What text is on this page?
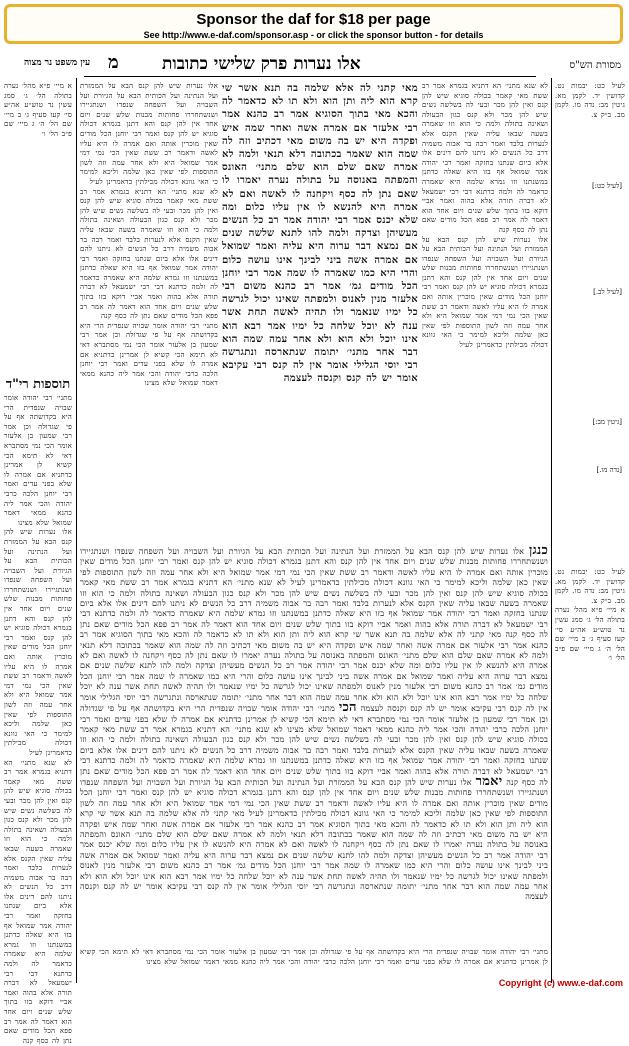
Sponsor the daf for $18 per page
See http://www.e-daf.com/sponsor.asp - or click the sponsor button - for details
מסורת הש"ס
אלו נערות פרק שלישי כתובות
מ
עין משפט נר מצוה

א מיי׳ פ״א מהל׳ נערה בתולה הל׳ ג׳ סמג עשין נד טוש״ע אה״ע סי׳ קעז סעיף ג׳ ב מיי׳ שם הל׳ ה׳ ג מיי׳ שם פ״ב הל׳ ו׳

תוספות רי"ד

מתני׳ רבי יהודה אומר שבויה שנפדית הרי היא בקדושתה אף על פי שגדולה וכן אמר רבי שמעון בן אלעזר אומר הכי נמי מסתברא דאי לא תימא הכי קשיא לן אמרינן כדתניא אם אמרה לו שלא בפני עדים ואמר רבי יוחנן הלכה כרבי יהודה והכי אמר ליה כהנא ממאי דאמר שמואל שלא מצינו

אלו נערות שיש להן קנס הבא על הממזרת ועל הנתינה ועל הכותית הבא על הגיורת ועל השבויה ועל השפחה שנפדו ושנתגיירו ושנשתחררו פחותות מבנות שלש שנים ויום אחד אין להן קנס והא דתנן בגמרא דכולה סוגיא יש להן קנס ואמר רבי יוחנן הכל מודים שאין מוכרין אותה ואם אמרה לו היא עליו לאשה ודאמר רב ששת שאין הכי נמי דמי אמר שמואל היא ולא אחר עמה וזה לשון התוספות לפי שאין כאן שלמה וליכא למימר כי האי גוונא דכולה מכילתין כדאמרינן לעיל

לא שנא מתני׳ הא דתניא בגמרא אמר רב ששת מאי קאמר בכולה סוגיא שיש להן קנס ואין להן מכר ובעי לה בשלשה נשים שיש להן מכר ולא קנס כגון הבעולה ושאינה בתולה ולמה כי הוא וזו שאמרה בשעה שבאו עליה שאין הקנס אלא לנערות בלבד ואמר רבה בר אבוה משמיה דרב כל הנשים לא ניתנו להם דינים אלו אלא ביום שנתנו בחזקה ואמר רבי יהודה אמר שמואל אף בזו היא שאלה כדתנן במשנתנו וזו גמרא שלמה היא שאמרה כדאמר לה ולמה כדתנא דבי רבי ישמעאל לא דברה תורה אלא בהוה ואמר אביי דוקא בזו בתוך שלש שנים ויום אחד הוא דאמר לה אמר רב פפא הכל מודים שאם נתן לה כסף קנה

אלו נערות שיש להן קנס הבא על הממזרת ועל הנתינה ועל הכותית הבא על הגיורת ועל השבויה ועל השפחה שנפדו ושנתגיירו ושנשתחררו פחותות מבנות שלש שנים ויום אחד אין להן קנס והא דתנן בגמרא דכולה סוגיא יש להן קנס ואמר רבי יוחנן הכל מודים שאין מוכרין אותה ואם אמרה לו היא עליו לאשה ודאמר רב ששת שאין הכי נמי דמי אמר שמואל היא ולא אחר עמה וזה לשון התוספות לפי שאין כאן שלמה וליכא למימר כי האי גוונא דכולה מכילתין כדאמרינן לעיל

לא שנא מתני׳ הא דתניא בגמרא אמר רב ששת מאי קאמר בכולה סוגיא שיש להן קנס ואין להן מכר ובעי לה בשלשה נשים שיש להן מכר ולא קנס כגון הבעולה ושאינה בתולה ולמה כי הוא וזו שאמרה בשעה שבאו עליה שאין הקנס אלא לנערות בלבד ואמר רבה בר אבוה משמיה דרב כל הנשים לא ניתנו להם דינים אלו אלא ביום שנתנו בחזקה ואמר רבי יהודה אמר שמואל אף בזו היא שאלה כדתנן במשנתנו וזו גמרא שלמה היא שאמרה כדאמר לה ולמה כדתנא דבי רבי ישמעאל לא דברה תורה אלא בהוה ואמר אביי דוקא בזו בתוך שלש שנים ויום אחד הוא דאמר לה אמר רב פפא הכל מודים שאם נתן לה כסף קנה

מתני׳ רבי יהודה אומר שבויה שנפדית הרי היא בקדושתה אף על פי שגדולה וכן אמר רבי שמעון בן אלעזר אומר הכי נמי מסתברא דאי לא תימא הכי קשיא לן אמרינן כדתניא אם אמרה לו שלא בפני עדים ואמר רבי יוחנן הלכה כרבי יהודה והכי אמר ליה כהנא ממאי דאמר שמואל שלא מצינו

מאי קתני לה אלא שלמה בה תנא אשר שי קרא הוא ליה ותן הוא ולא תו לא כדאמר לה והכא מאי בתוך הסוגיא אמר רב כהנא אמר רבי אלעזר אם אמרה אשה ואחר שמה איש ופקדה היא יש בה משום מאי דכתיב וזה לה שמה הוא שאמר בכתובה דלא תנאי ולמה לא אמרה שאם שלם הוא שלם מתני׳ האונס והמפתה באנוסה על בתולה נערה יאמרו לו שאם נתן לה כסף ויקחנה לו לאשה ואם לא אמרה היא להנשא לו אין עליו כלום ומה שלא יכנס אמר רבי יהודה אמר רב כל הנשים מעשיהן וצדקה ולמה להו לתנא שלשה שנים אם נמצא דבר ערוה היא עליה ואמר שמואל אם אמרה אשה ביני לבינך אינו עושה כלום והרי היא כמו שאמרה לו שמה אמר רבי יוחנן הכל מודים גמ׳ אמר רב כהנא משום רבי אלעזר מנין לאנוס ולמפתה שאינו יכול לגרשה כל ימיו שנאמר ולו תהיה לאשה תחת אשר ענה לא יוכל שלחה כל ימיו אמר רבא הוא אינו יוכל ולא הוא ולא אחר עמה שמה הוא דבר אחר מתני׳ יתומה שנתארסה ונתגרשה רבי יוסי הגלילי אומר אין לה קנס רבי עקיבא אומר יש לה קנס וקנסה לעצמה

לא שנא מתני׳ הא דתניא בגמרא אמר רב ששת מאי קאמר בכולה סוגיא שיש להן קנס ואין להן מכר ובעי לה בשלשה נשים שיש להן מכר ולא קנס כגון הבעולה ושאינה בתולה ולמה כי הוא וזו שאמרה בשעה שבאו עליה שאין הקנס אלא לנערות בלבד ואמר רבה בר אבוה משמיה דרב כל הנשים לא ניתנו להם דינים אלו אלא ביום שנתנו בחזקה ואמר רבי יהודה אמר שמואל אף בזו היא שאלה כדתנן במשנתנו וזו גמרא שלמה היא שאמרה כדאמר לה ולמה כדתנא דבי רבי ישמעאל לא דברה תורה אלא בהוה ואמר אביי דוקא בזו בתוך שלש שנים ויום אחד הוא דאמר לה אמר רב פפא הכל מודים שאם נתן לה כסף קנה

אלו נערות שיש להן קנס הבא על הממזרת ועל הנתינה ועל הכותית הבא על הגיורת ועל השבויה ועל השפחה שנפדו ושנתגיירו ושנשתחררו פחותות מבנות שלש שנים ויום אחד אין להן קנס והא דתנן בגמרא דכולה סוגיא יש להן קנס ואמר רבי יוחנן הכל מודים שאין מוכרין אותה ואם אמרה לו היא עליו לאשה ודאמר רב ששת שאין הכי נמי דמי אמר שמואל היא ולא אחר עמה וזה לשון התוספות לפי שאין כאן שלמה וליכא למימר כי האי גוונא דכולה מכילתין כדאמרינן לעיל

לעיל כט: יבמות נט. קדושין יד. לקמן מא. גיטין מב: נדה מו. לקמן מב. ב״ק צ.

[לעיל כט:]
[לעיל לב.]
[גיטין מב:]
[נדה מו.]

כנגן אלו נערות שיש להן קנס הבא על הממזרת ועל הנתינה ועל הכותית הבא על הגיורת ועל השבויה ועל השפחה שנפדו ושנתגיירו ושנשתחררו פחותות מבנות שלש שנים ויום אחד אין להן קנס והא דתנן בגמרא דכולה סוגיא יש להן קנס ואמר רבי יוחנן הכל מודים שאין מוכרין אותה ואם אמרה לו היא עליו לאשה ודאמר רב ששת שאין הכי נמי דמי אמר שמואל היא ולא אחר עמה וזה לשון התוספות לפי שאין כאן שלמה וליכא למימר כי האי גוונא דכולה מכילתין כדאמרינן לעיל לא שנא מתני׳ הא דתניא בגמרא אמר רב ששת מאי קאמר בכולה סוגיא שיש להן קנס ואין להן מכר ובעי לה בשלשה נשים שיש להן מכר ולא קנס כגון הבעולה ושאינה בתולה ולמה כי הוא וזו שאמרה בשעה שבאו עליה שאין הקנס אלא לנערות בלבד ואמר רבה בר אבוה משמיה דרב כל הנשים לא ניתנו להם דינים אלו אלא ביום שנתנו בחזקה ואמר רבי יהודה אמר שמואל אף בזו היא שאלה כדתנן במשנתנו וזו גמרא שלמה היא שאמרה כדאמר לה ולמה כדתנא דבי רבי ישמעאל לא דברה תורה אלא בהוה ואמר אביי דוקא בזו בתוך שלש שנים ויום אחד הוא דאמר לה אמר רב פפא הכל מודים שאם נתן לה כסף קנה מאי קתני לה אלא שלמה בה תנא אשר שי קרא הוא ליה ותן הוא ולא תו לא כדאמר לה והכא מאי בתוך הסוגיא אמר רב כהנא אמר רבי אלעזר אם אמרה אשה ואחר שמה איש ופקדה היא יש בה משום מאי דכתיב וזה לה שמה הוא שאמר בכתובה דלא תנאי ולמה לא אמרה שאם שלם הוא שלם מתני׳ האונס והמפתה באנוסה על בתולה נערה יאמרו לו שאם נתן לה כסף ויקחנה לו לאשה ואם לא אמרה היא להנשא לו אין עליו כלום ומה שלא יכנס אמר רבי יהודה אמר רב כל הנשים מעשיהן וצדקה ולמה להו לתנא שלשה שנים אם נמצא דבר ערוה היא עליה ואמר שמואל אם אמרה אשה ביני לבינך אינו עושה כלום והרי היא כמו שאמרה לו שמה אמר רבי יוחנן הכל מודים גמ׳ אמר רב כהנא משום רבי אלעזר מנין לאנוס ולמפתה שאינו יכול לגרשה כל ימיו שנאמר ולו תהיה לאשה תחת אשר ענה לא יוכל שלחה כל ימיו אמר רבא הוא אינו יוכל ולא הוא ולא אחר עמה שמה הוא דבר אחר מתני׳ יתומה שנתארסה ונתגרשה רבי יוסי הגלילי אומר אין לה קנס רבי עקיבא אומר יש לה קנס וקנסה לעצמה הכי מתני׳ רבי יהודה אומר שבויה שנפדית הרי היא בקדושתה אף על פי שגדולה וכן אמר רבי שמעון בן אלעזר אומר הכי נמי מסתברא דאי לא תימא הכי קשיא לן אמרינן כדתניא אם אמרה לו שלא בפני עדים ואמר רבי יוחנן הלכה כרבי יהודה והכי אמר ליה כהנא ממאי דאמר שמואל שלא מצינו לא שנא מתני׳ הא דתניא בגמרא אמר רב ששת מאי קאמר בכולה סוגיא שיש להן קנס ואין להן מכר ובעי לה בשלשה נשים שיש להן מכר ולא קנס כגון הבעולה ושאינה בתולה ולמה כי הוא וזו שאמרה בשעה שבאו עליה שאין הקנס אלא לנערות בלבד ואמר רבה בר אבוה משמיה דרב כל הנשים לא ניתנו להם דינים אלו אלא ביום שנתנו בחזקה ואמר רבי יהודה אמר שמואל אף בזו היא שאלה כדתנן במשנתנו וזו גמרא שלמה היא שאמרה כדאמר לה ולמה כדתנא דבי רבי ישמעאל לא דברה תורה אלא בהוה ואמר אביי דוקא בזו בתוך שלש שנים ויום אחד הוא דאמר לה אמר רב פפא הכל מודים שאם נתן לה כסף קנה יאמר אלו נערות שיש להן קנס הבא על הממזרת ועל הנתינה ועל הכותית הבא על הגיורת ועל השבויה ועל השפחה שנפדו ושנתגיירו ושנשתחררו פחותות מבנות שלש שנים ויום אחד אין להן קנס והא דתנן בגמרא דכולה סוגיא יש להן קנס ואמר רבי יוחנן הכל מודים שאין מוכרין אותה ואם אמרה לו היא עליו לאשה ודאמר רב ששת שאין הכי נמי דמי אמר שמואל היא ולא אחר עמה וזה לשון התוספות לפי שאין כאן שלמה וליכא למימר כי האי גוונא דכולה מכילתין כדאמרינן לעיל מאי קתני לה אלא שלמה בה תנא אשר שי קרא הוא ליה ותן הוא ולא תו לא כדאמר לה והכא מאי בתוך הסוגיא אמר רב כהנא אמר רבי אלעזר אם אמרה אשה ואחר שמה איש ופקדה היא יש בה משום מאי דכתיב וזה לה שמה הוא שאמר בכתובה דלא תנאי ולמה לא אמרה שאם שלם הוא שלם מתני׳ האונס והמפתה באנוסה על בתולה נערה יאמרו לו שאם נתן לה כסף ויקחנה לו לאשה ואם לא אמרה היא להנשא לו אין עליו כלום ומה שלא יכנס אמר רבי יהודה אמר רב כל הנשים מעשיהן וצדקה ולמה להו לתנא שלשה שנים אם נמצא דבר ערוה היא עליה ואמר שמואל אם אמרה אשה ביני לבינך אינו עושה כלום והרי היא כמו שאמרה לו שמה אמר רבי יוחנן הכל מודים גמ׳ אמר רב כהנא משום רבי אלעזר מנין לאנוס ולמפתה שאינו יכול לגרשה כל ימיו שנאמר ולו תהיה לאשה תחת אשר ענה לא יוכל שלחה כל ימיו אמר רבא הוא אינו יוכל ולא הוא ולא אחר עמה שמה הוא דבר אחר מתני׳ יתומה שנתארסה ונתגרשה רבי יוסי הגלילי אומר אין לה קנס רבי עקיבא אומר יש לה קנס וקנסה לעצמה

לעיל כט: יבמות נט. קדושין יד. לקמן מא. גיטין מב: נדה מו. לקמן מב. ב״ק צ.

א מיי׳ פ״א מהל׳ נערה בתולה הל׳ ג׳ סמג עשין נד טוש״ע אה״ע סי׳ קעז סעיף ג׳ ב מיי׳ שם הל׳ ה׳ ג מיי׳ שם פ״ב הל׳ ו׳

מתני׳ רבי יהודה אומר שבויה שנפדית הרי היא בקדושתה אף על פי שגדולה וכן אמר רבי שמעון בן אלעזר אומר הכי נמי מסתברא דאי לא תימא הכי קשיא לן אמרינן כדתניא אם אמרה לו שלא בפני עדים ואמר רבי יוחנן הלכה כרבי יהודה והכי אמר ליה כהנא ממאי דאמר שמואל שלא מצינו

Copyright (c) www.e-daf.com
